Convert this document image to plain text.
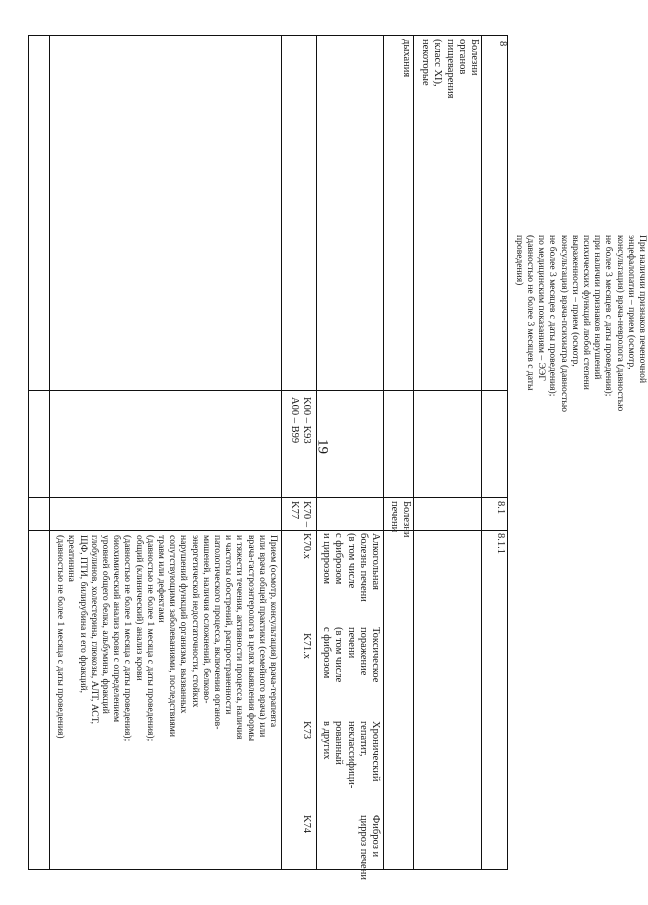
19
дыхания	8
Болезни
органов
пищеварения
(класс XI),
некоторые
K00 – K93
A00 – B99
8.1
Болезни
печени
K70 – K77
8.1.1
Алкогольная
болезнь печени
(в том числе
с фиброзом
и циррозом
Токсическое
поражение
печени
(в том числе
с фиброзом
Хронический
гепатит,
неклассифици-
рованный
в других
Фиброз и
цирроз печени
K70.x
K71.x
K73
K74
Прием (осмотр, консультация) врача-терапевта
или врача общей практики (семейного врача) или
врача-гастроэнтеролога в целях выявления формы
и тяжести течения, активности процесса, наличия
и частоты обострений, распространенности
патологического процесса, включения органов-
мишеней, наличия осложнений, белково-
энергетической недостаточности, стойких
нарушений функций организма, вызванных
сопутствующими заболеваниями, последствиями
травм или дефектами
(давностью не более 1 месяца с даты проведения);
общий (клинический) анализ крови
(давностью не более 1 месяца с даты проведения);
биохимический анализ крови с определением
уровней общего белка, альбумина, фракций
глобулинов, холестерина, глюкозы, АЛТ, АСТ,
ЩФ, ПТИ, билирубина и его фракций,
креатинина
(давностью не более 1 месяца с даты проведения)
При наличии признаков печеночной
энцефалопатии – прием (осмотр,
консультация) врача-невролога (давностью
не более 3 месяцев с даты проведения);
при наличии признаков нарушений
психических функций любой степени
выраженности – прием (осмотр,
консультация) врача-психиатра (давностью
не более 3 месяцев с даты проведения);
по медицинским показаниям – ЭЭГ
(давностью не более 3 месяцев с даты
проведения)
